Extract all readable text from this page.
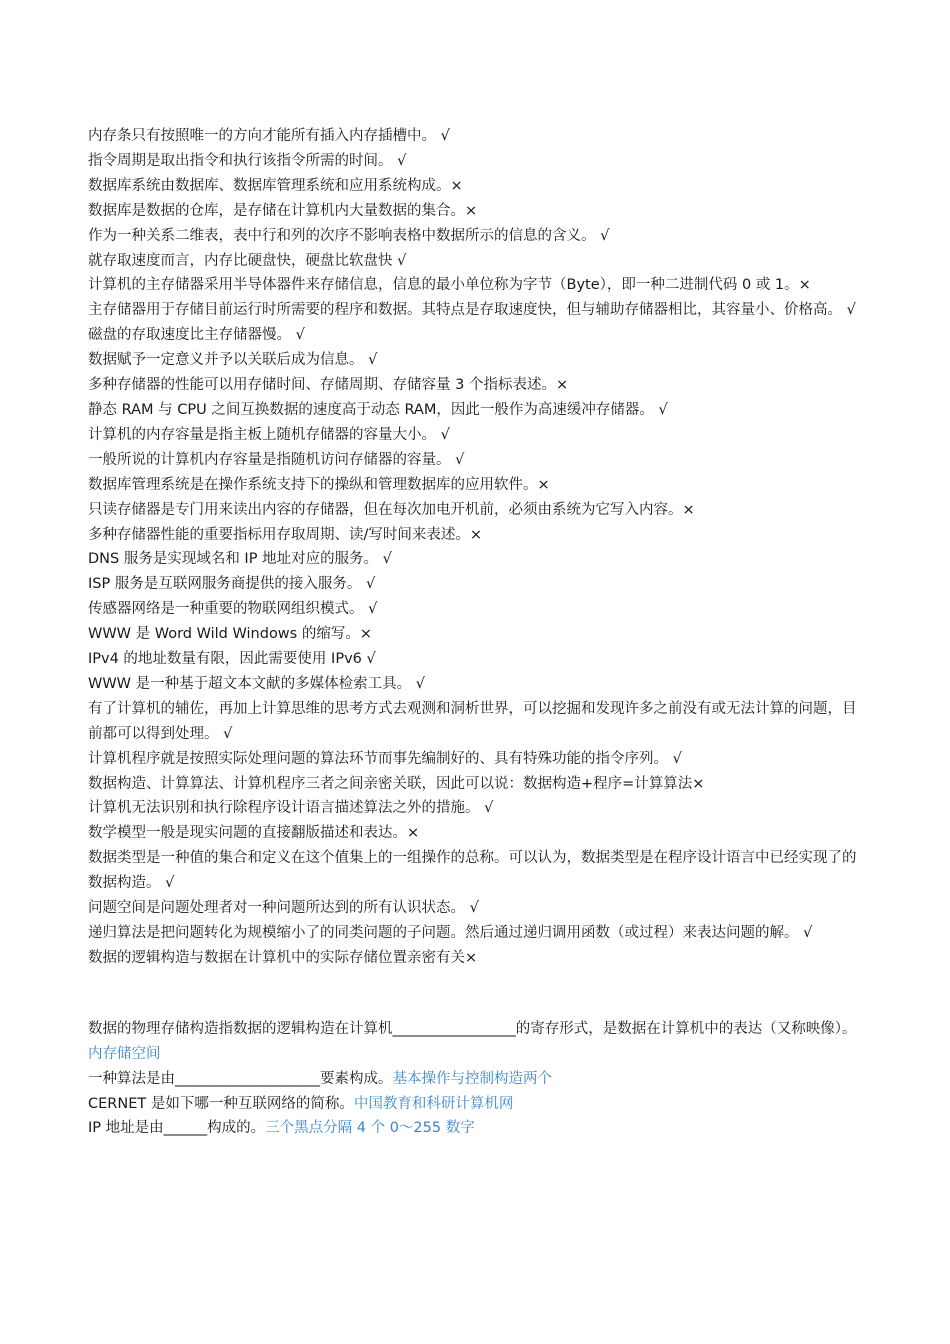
内存条只有按照唯一的方向才能所有插入内存插槽中。 √

指令周期是取出指令和执行该指令所需的时间。 √

数据库系统由数据库、数据库管理系统和应用系统构成。×

数据库是数据的仓库，是存储在计算机内大量数据的集合。×

作为一种关系二维表，表中行和列的次序不影响表格中数据所示的信息的含义。 √

就存取速度而言，内存比硬盘快，硬盘比软盘快 √

计算机的主存储器采用半导体器件来存储信息，信息的最小单位称为字节（Byte），即一种二进制代码 0 或 1。×

主存储器用于存储目前运行时所需要的程序和数据。其特点是存取速度快，但与辅助存储器相比，其容量小、价格高。 √

磁盘的存取速度比主存储器慢。 √

数据赋予一定意义并予以关联后成为信息。 √

多种存储器的性能可以用存储时间、存储周期、存储容量 3 个指标表述。×

静态 RAM 与 CPU 之间互换数据的速度高于动态 RAM，因此一般作为高速缓冲存储器。 √

计算机的内存容量是指主板上随机存储器的容量大小。 √

一般所说的计算机内存容量是指随机访问存储器的容量。 √

数据库管理系统是在操作系统支持下的操纵和管理数据库的应用软件。×

只读存储器是专门用来读出内容的存储器，但在每次加电开机前，必须由系统为它写入内容。×

多种存储器性能的重要指标用存取周期、读/写时间来表述。×

DNS 服务是实现域名和 IP 地址对应的服务。 √

ISP 服务是互联网服务商提供的接入服务。 √

传感器网络是一种重要的物联网组织模式。 √

WWW 是 Word Wild Windows 的缩写。×

IPv4 的地址数量有限，因此需要使用 IPv6 √

WWW 是一种基于超文本文献的多媒体检索工具。 √

有了计算机的辅佐，再加上计算思维的思考方式去观测和洞析世界，可以挖掘和发现许多之前没有或无法计算的问题，目前都可以得到处理。 √

计算机程序就是按照实际处理问题的算法环节而事先编制好的、具有特殊功能的指令序列。 √

数据构造、计算算法、计算机程序三者之间亲密关联，因此可以说：数据构造+程序=计算算法×

计算机无法识别和执行除程序设计语言描述算法之外的措施。 √

数学模型一般是现实问题的直接翻版描述和表达。×

数据类型是一种值的集合和定义在这个值集上的一组操作的总称。可以认为，数据类型是在程序设计语言中已经实现了的数据构造。 √

问题空间是问题处理者对一种问题所达到的所有认识状态。 √

递归算法是把问题转化为规模缩小了的同类问题的子问题。然后通过递归调用函数（或过程）来表达问题的解。 √

数据的逻辑构造与数据在计算机中的实际存储位置亲密有关×

数据的物理存储构造指数据的逻辑构造在计算机_________________的寄存形式，是数据在计算机中的表达（又称映像）。内存储空间

一种算法是由____________________要素构成。基本操作与控制构造两个

CERNET 是如下哪一种互联网络的简称。中国教育和科研计算机网

IP 地址是由______构成的。三个黑点分隔 4 个 0～255 数字
